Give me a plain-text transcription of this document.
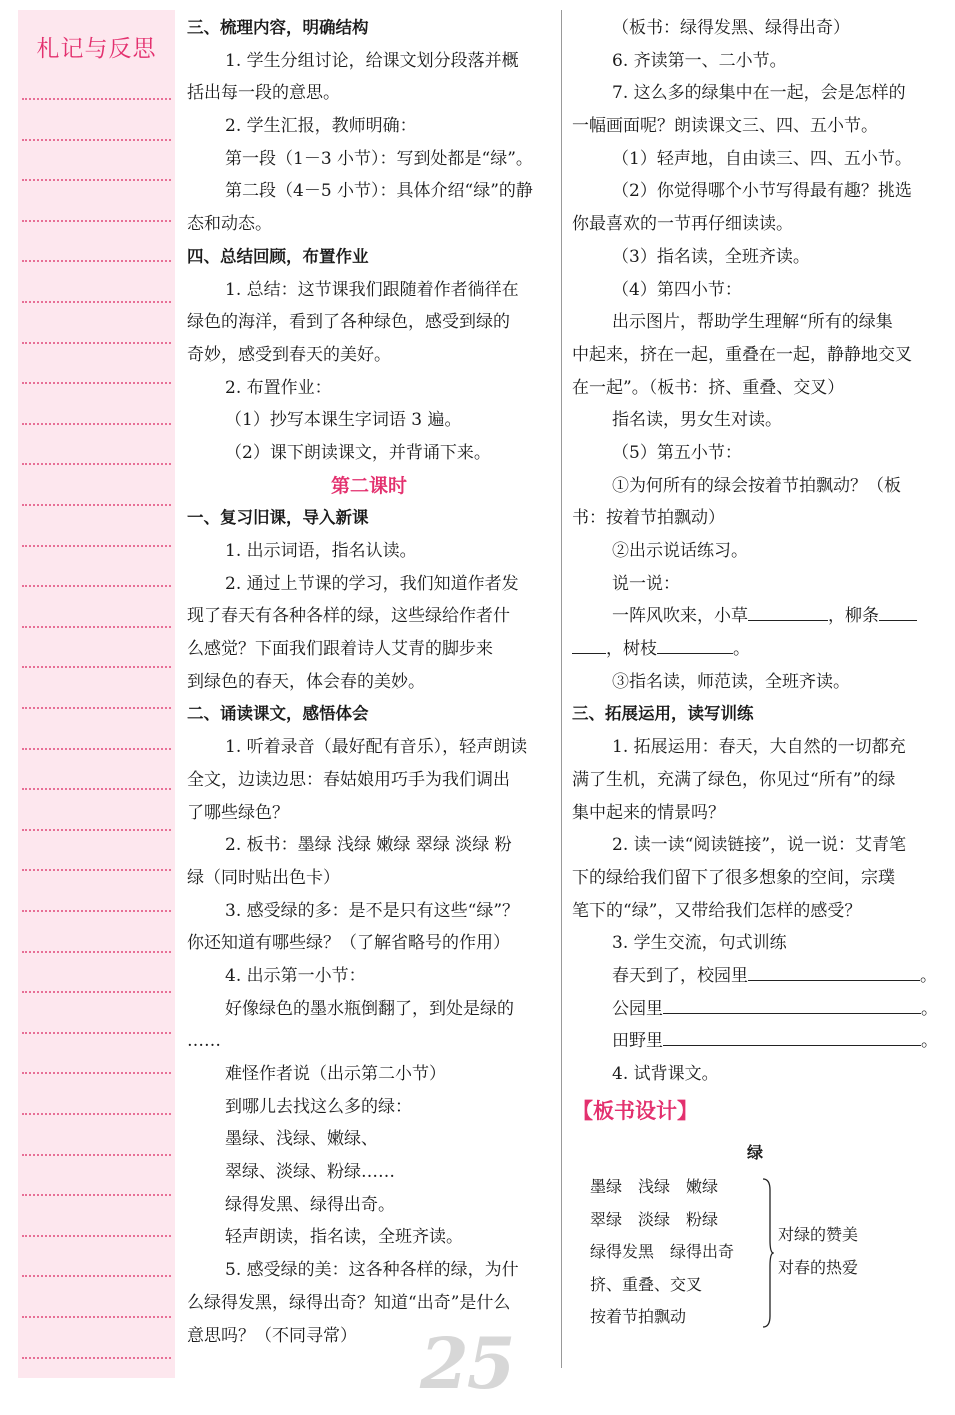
札记与反思
三、梳理内容，明确结构
1. 学生分组讨论，给课文划分段落并概
括出每一段的意思。
2. 学生汇报，教师明确：
第一段（1－3 小节）：写到处都是“绿”。
第二段（4－5 小节）：具体介绍“绿”的静
态和动态。
四、总结回顾，布置作业
1. 总结：这节课我们跟随着作者徜徉在
绿色的海洋，看到了各种绿色，感受到绿的
奇妙，感受到春天的美好。
2. 布置作业：
（1）抄写本课生字词语 3 遍。
（2）课下朗读课文，并背诵下来。
第二课时
一、复习旧课，导入新课
1. 出示词语，指名认读。
2. 通过上节课的学习，我们知道作者发
现了春天有各种各样的绿，这些绿给作者什
么感觉？下面我们跟着诗人艾青的脚步来
到绿色的春天，体会春的美妙。
二、诵读课文，感悟体会
1. 听着录音（最好配有音乐），轻声朗读
全文，边读边思：春姑娘用巧手为我们调出
了哪些绿色？
2. 板书：墨绿 浅绿 嫩绿 翠绿 淡绿 粉
绿（同时贴出色卡）
3. 感受绿的多：是不是只有这些“绿”？
你还知道有哪些绿？（了解省略号的作用）
4. 出示第一小节：
好像绿色的墨水瓶倒翻了，到处是绿的
……
难怪作者说（出示第二小节）
到哪儿去找这么多的绿：
墨绿、浅绿、嫩绿、
翠绿、淡绿、粉绿……
绿得发黑、绿得出奇。
轻声朗读，指名读，全班齐读。
5. 感受绿的美：这各种各样的绿，为什
么绿得发黑，绿得出奇？知道“出奇”是什么
意思吗？（不同寻常）
（板书：绿得发黑、绿得出奇）
6. 齐读第一、二小节。
7. 这么多的绿集中在一起，会是怎样的
一幅画面呢？朗读课文三、四、五小节。
（1）轻声地，自由读三、四、五小节。
（2）你觉得哪个小节写得最有趣？挑选
你最喜欢的一节再仔细读读。
（3）指名读，全班齐读。
（4）第四小节：
出示图片，帮助学生理解“所有的绿集
中起来，挤在一起，重叠在一起，静静地交叉
在一起”。（板书：挤、重叠、交叉）
指名读，男女生对读。
（5）第五小节：
①为何所有的绿会按着节拍飘动？（板
书：按着节拍飘动）
②出示说话练习。
说一说：
一阵风吹来，小草	，柳条
，树枝	。
③指名读，师范读，全班齐读。
三、拓展运用，读写训练
1. 拓展运用：春天，大自然的一切都充
满了生机，充满了绿色，你见过“所有”的绿
集中起来的情景吗？
2. 读一读“阅读链接”，说一说：艾青笔
下的绿给我们留下了很多想象的空间，宗璞
笔下的“绿”，又带给我们怎样的感受？
3. 学生交流，句式训练
春天到了，校园里	。
公园里	。
田野里	。
4. 试背课文。
【板书设计】
绿
墨绿　浅绿　嫩绿
翠绿　淡绿　粉绿
绿得发黑　绿得出奇
挤、重叠、交叉
按着节拍飘动
对绿的赞美
对春的热爱
25
